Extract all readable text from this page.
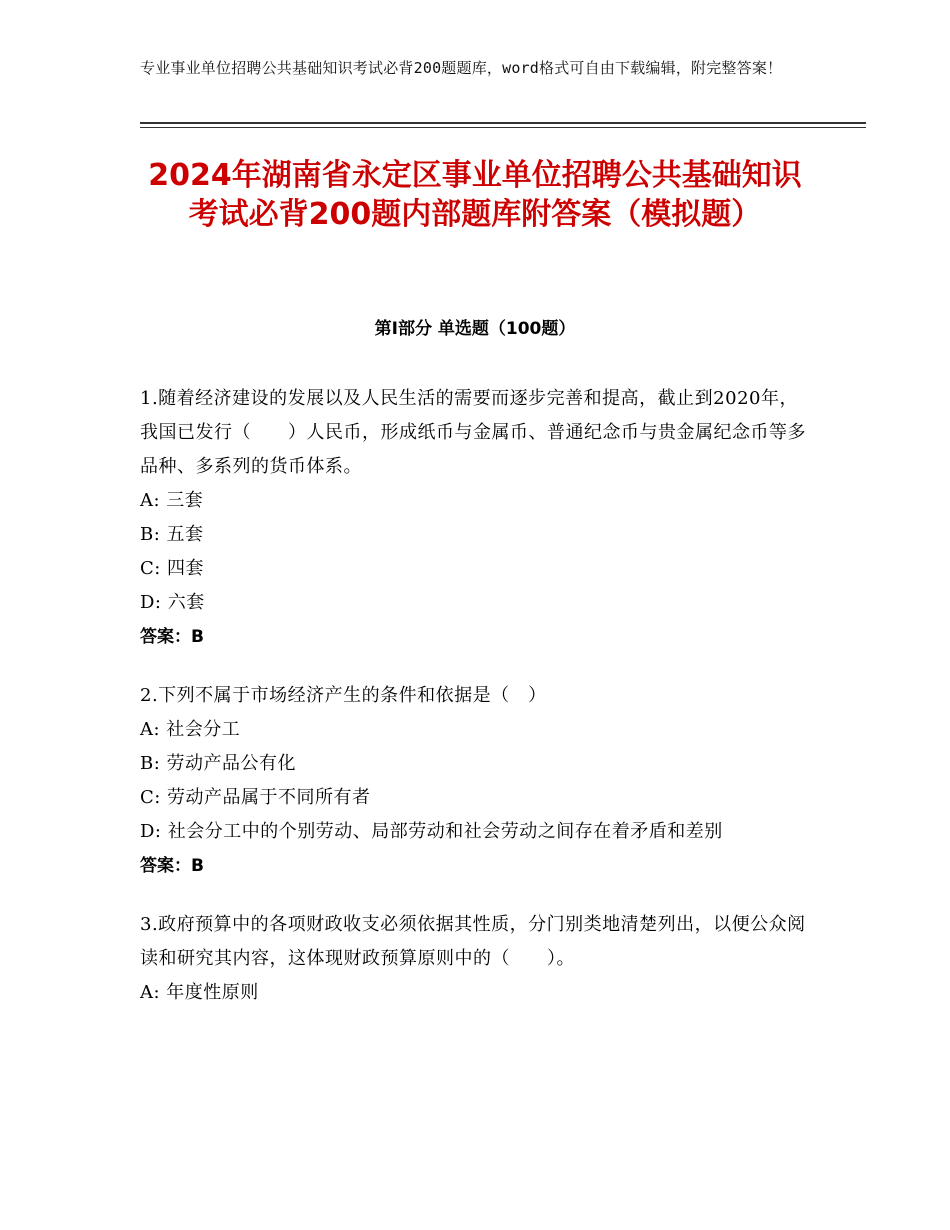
专业事业单位招聘公共基础知识考试必背200题题库，word格式可自由下载编辑，附完整答案！
2024年湖南省永定区事业单位招聘公共基础知识考试必背200题内部题库附答案（模拟题）
第Ⅰ部分 单选题（100题）

1.随着经济建设的发展以及人民生活的需要而逐步完善和提高，截止到2020年，我国已发行（　　）人民币，形成纸币与金属币、普通纪念币与贵金属纪念币等多品种、多系列的货币体系。

A: 三套

B: 五套

C: 四套

D: 六套

答案：B

2.下列不属于市场经济产生的条件和依据是（　）

A: 社会分工

B: 劳动产品公有化

C: 劳动产品属于不同所有者

D: 社会分工中的个别劳动、局部劳动和社会劳动之间存在着矛盾和差别

答案：B

3.政府预算中的各项财政收支必须依据其性质，分门别类地清楚列出，以便公众阅读和研究其内容，这体现财政预算原则中的（　　）。

A: 年度性原则
